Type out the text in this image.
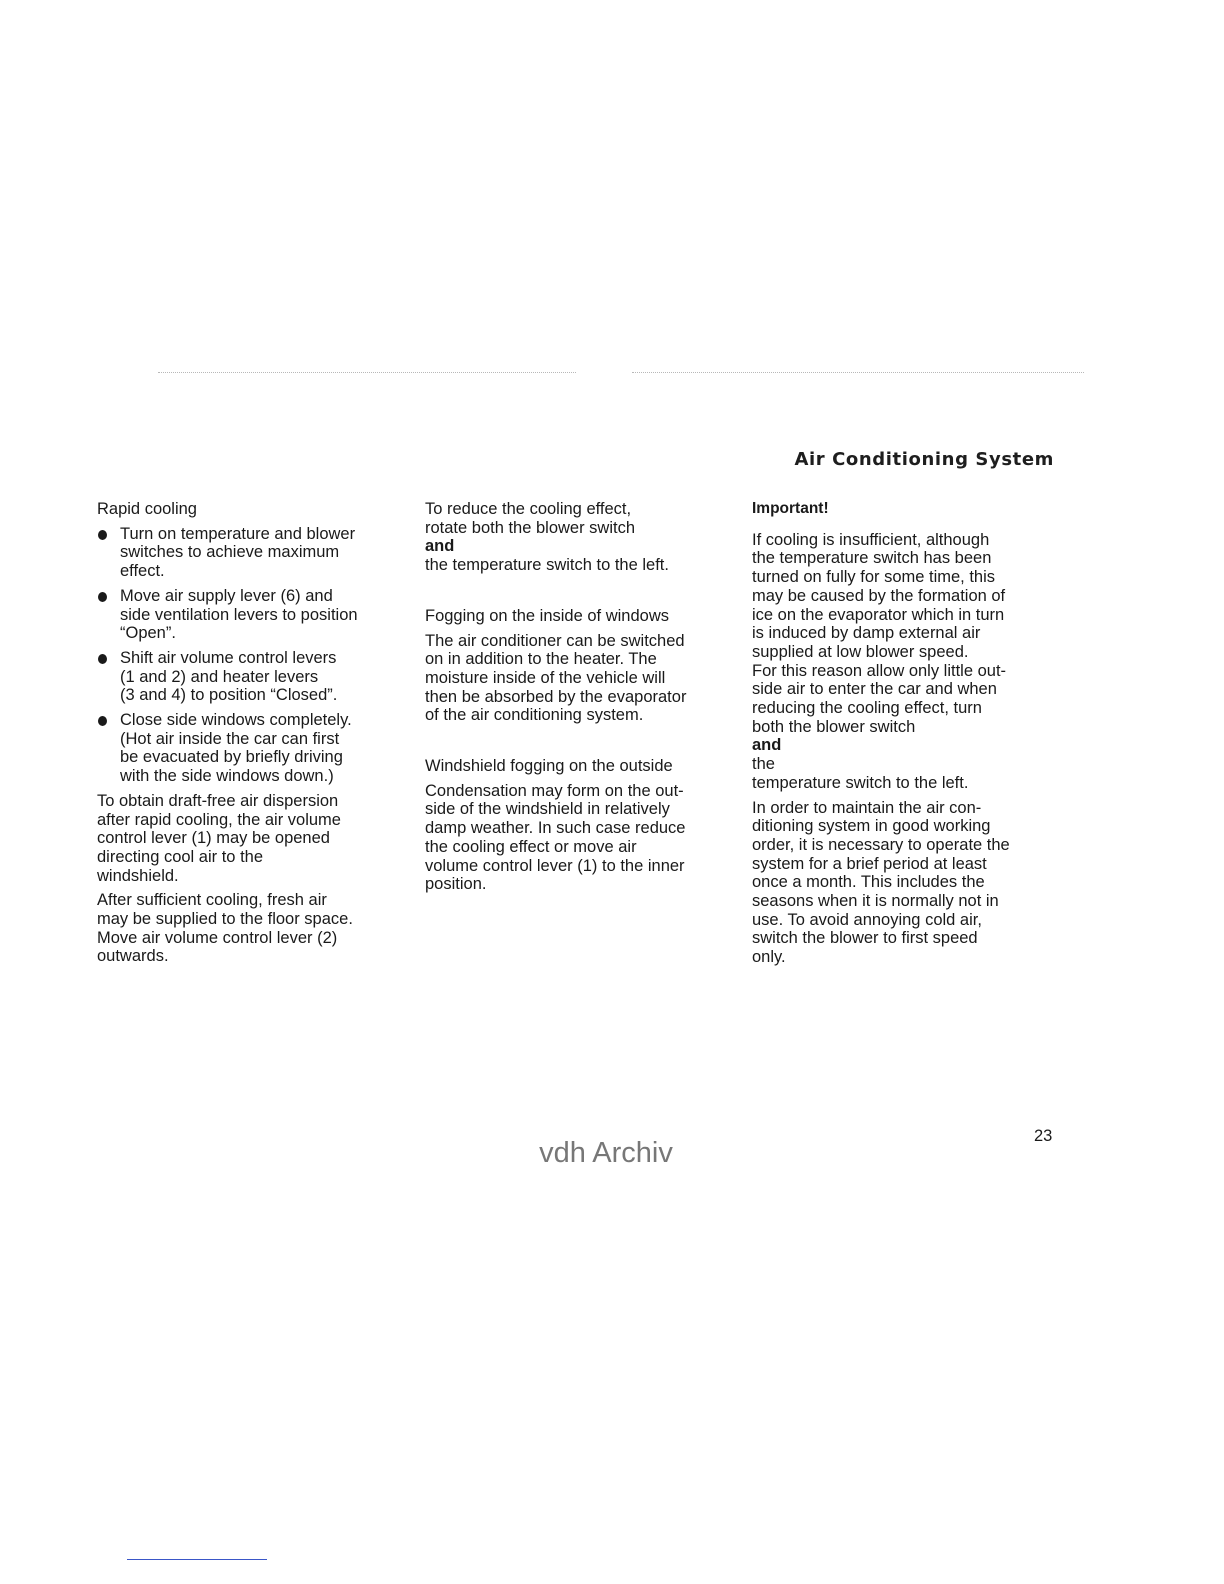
Air Conditioning System
Rapid cooling
Turn on temperature and blower
switches to achieve maximum
effect.
Move air supply lever (6) and
side ventilation levers to position
“Open”.
Shift air volume control levers
(1 and 2) and heater levers
(3 and 4) to position “Closed”.
Close side windows completely.
(Hot air inside the car can first
be evacuated by briefly driving
with the side windows down.)

To obtain draft-free air dispersion
after rapid cooling, the air volume
control lever (1) may be opened
directing cool air to the
windshield.

After sufficient cooling, fresh air
may be supplied to the floor space.
Move air volume control lever (2)
outwards.

To reduce the cooling effect,
rotate both the blower switch
and
the temperature switch to the left.

Fogging on the inside of windows

The air conditioner can be switched
on in addition to the heater. The
moisture inside of the vehicle will
then be absorbed by the evaporator
of the air conditioning system.

Windshield fogging on the outside

Condensation may form on the out-
side of the windshield in relatively
damp weather. In such case reduce
the cooling effect or move air
volume control lever (1) to the inner
position.

Important!

If cooling is insufficient, although
the temperature switch has been
turned on fully for some time, this
may be caused by the formation of
ice on the evaporator which in turn
is induced by damp external air
supplied at low blower speed.
For this reason allow only little out-
side air to enter the car and when
reducing the cooling effect, turn
both the blower switch
and
the
temperature switch to the left.

In order to maintain the air con-
ditioning system in good working
order, it is necessary to operate the
system for a brief period at least
once a month. This includes the
seasons when it is normally not in
use. To avoid annoying cold air,
switch the blower to first speed
only.

23
vdh Archiv
